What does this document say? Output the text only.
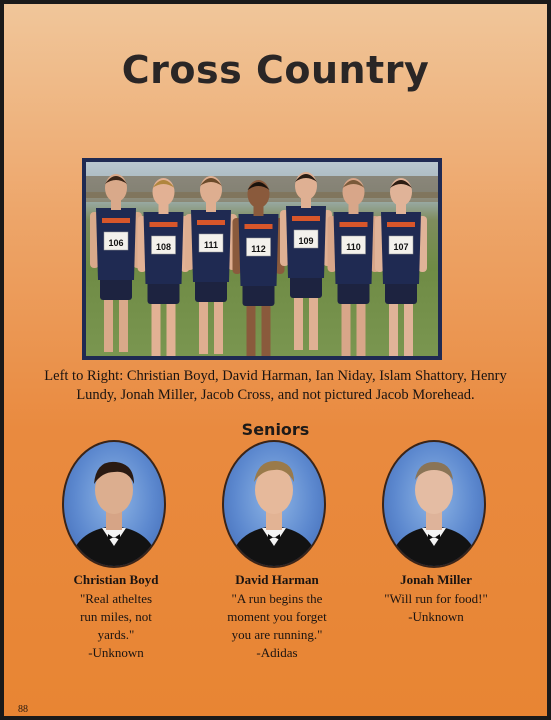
Cross Country
106	108	111	112
109
110	107
Left to Right: Christian Boyd, David Harman, Ian Niday, Islam Shattory, Henry Lundy, Jonah Miller, Jacob Cross, and not pictured Jacob Morehead.
Seniors
Christian Boyd
"Real atheltes
run miles, not
yards."
-Unknown
David Harman
"A run begins the
moment you forget
you are running."
-Adidas
Jonah Miller
"Will run for food!"
-Unknown
88
